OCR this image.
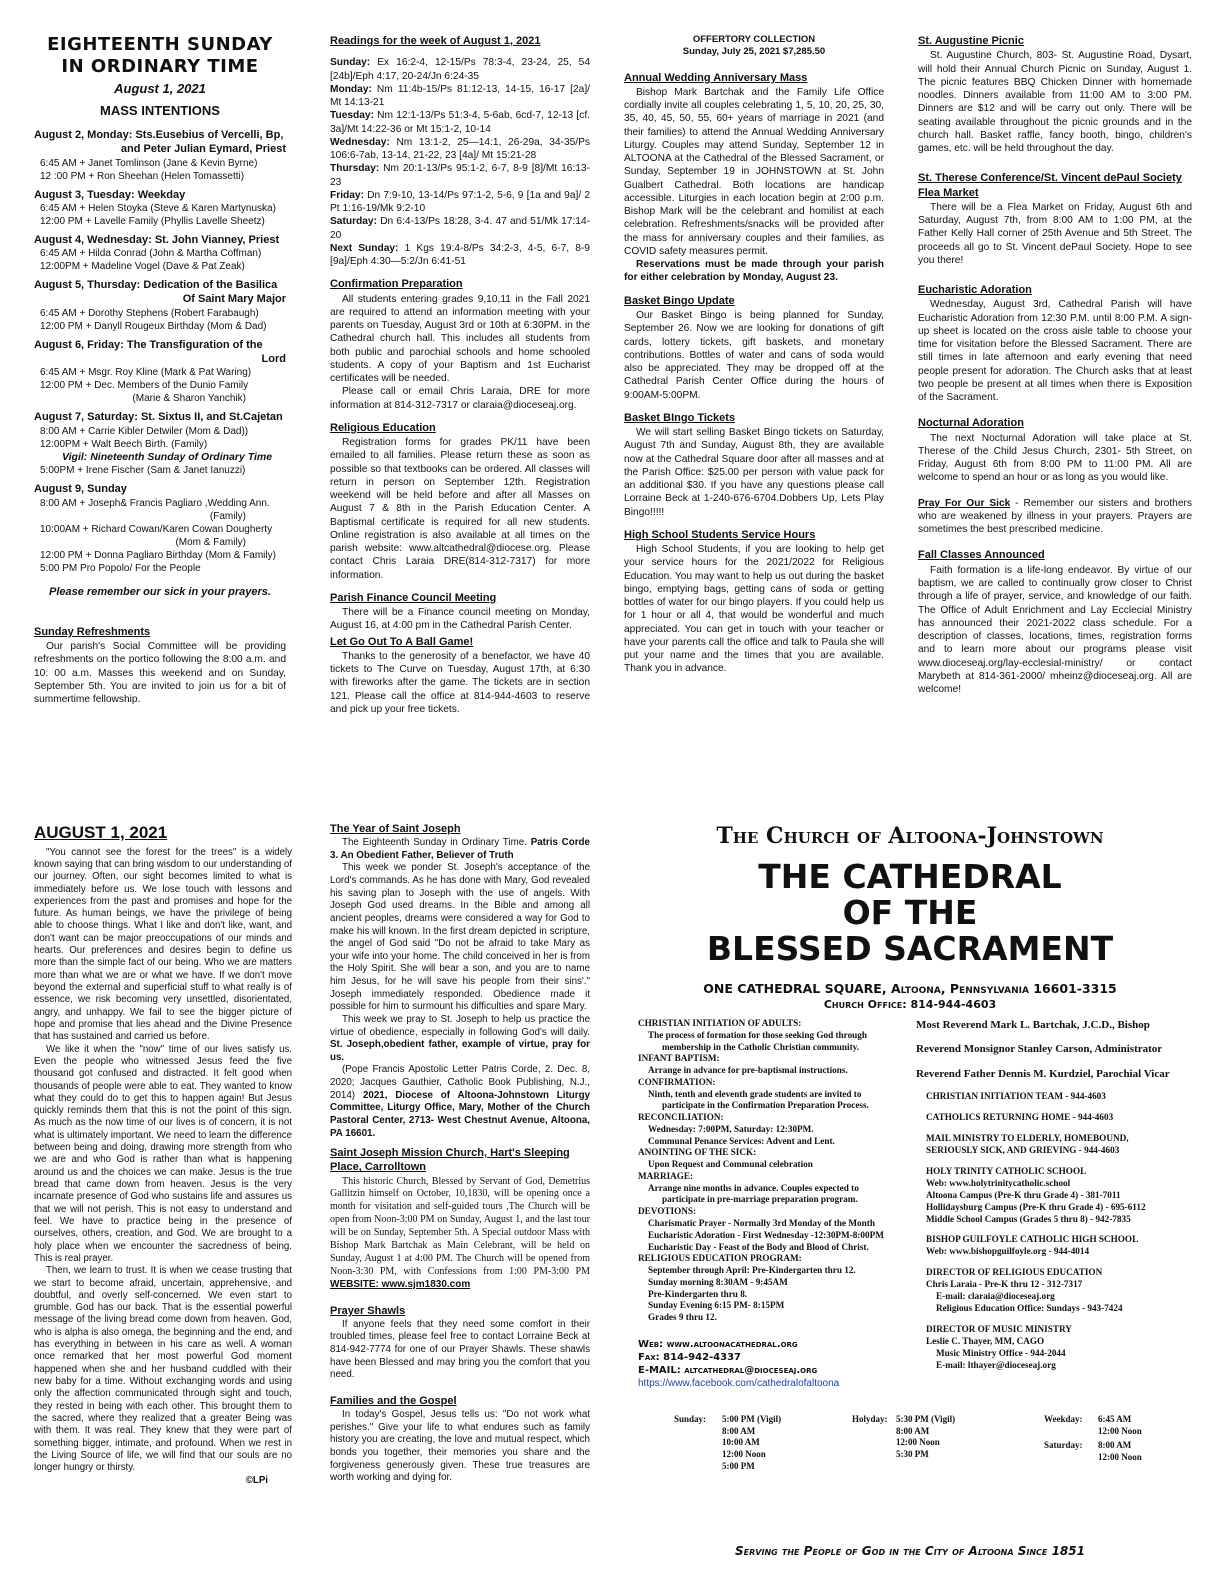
EIGHTEENTH SUNDAY
IN ORDINARY TIME
August 1, 2021
MASS INTENTIONS
August 2, Monday: Sts.Eusebius of Vercelli, Bp,
and Peter Julian Eymard, Priest
6:45 AM + Janet Tomlinson (Jane & Kevin Byrne)
12 :00 PM + Ron Sheehan (Helen Tomassetti)
August 3, Tuesday: Weekday
6:45 AM + Helen Stoyka (Steve & Karen Martynuska)
12:00 PM + Lavelle Family (Phyllis Lavelle Sheetz)
August 4, Wednesday: St. John Vianney, Priest
6:45 AM + Hilda Conrad (John & Martha Coffman)
12:00PM + Madeline Vogel (Dave & Pat Zeak)
August 5, Thursday: Dedication of the Basilica
Of Saint Mary Major
6:45 AM + Dorothy Stephens (Robert Farabaugh)
12:00 PM + Danyll Rougeux Birthday (Mom & Dad)
August 6, Friday: The Transfiguration of the
Lord
6:45 AM + Msgr. Roy Kline (Mark & Pat Waring)
12:00 PM + Dec. Members of the Dunio Family
(Marie & Sharon Yanchik)
August 7, Saturday: St. Sixtus II, and St.Cajetan
8:00 AM + Carrie Kibler Detwiler (Mom & Dad))
12:00PM + Walt Beech Birth. (Family)
Vigil: Nineteenth Sunday of Ordinary Time
5:00PM + Irene Fischer (Sam & Janet Ianuzzi)
August 9, Sunday
8:00 AM + Joseph& Francis Pagliaro ,Wedding Ann.
(Family)
10:00AM + Richard Cowan/Karen Cowan Dougherty
(Mom & Family)
12:00 PM + Donna Pagliaro Birthday (Mom & Family)
5:00 PM Pro Popolo/ For the People
Please remember our sick in your prayers.
Sunday Refreshments

Our parish's Social Committee will be providing refreshments on the portico following the 8:00 a.m. and 10: 00 a.m. Masses this weekend and on Sunday, September 5th. You are invited to join us for a bit of summertime fellowship.

Readings for the week of August 1, 2021

Sunday: Ex 16:2-4, 12-15/Ps 78:3-4, 23-24, 25, 54 [24b]/Eph 4:17, 20-24/Jn 6:24-35

Monday: Nm 11:4b-15/Ps 81:12-13, 14-15, 16-17 [2a]/ Mt 14:13-21

Tuesday: Nm 12:1-13/Ps 51:3-4, 5-6ab, 6cd-7, 12-13 [cf. 3a]/Mt 14:22-36 or Mt 15:1-2, 10-14

Wednesday: Nm 13:1-2, 25—14:1, 26-29a, 34-35/Ps 106:6-7ab, 13-14, 21-22, 23 [4a]/ Mt 15:21-28

Thursday: Nm 20:1-13/Ps 95:1-2, 6-7, 8-9 [8]/Mt 16:13-23

Friday: Dn 7:9-10, 13-14/Ps 97:1-2, 5-6, 9 [1a and 9a]/ 2 Pt 1:16-19/Mk 9:2-10

Saturday: Dn 6:4-13/Ps 18:28, 3-4. 47 and 51/Mk 17:14-20

Next Sunday: 1 Kgs 19:4-8/Ps 34:2-3, 4-5, 6-7, 8-9 [9a]/Eph 4:30—5:2/Jn 6:41-51

Confirmation Preparation

All students entering grades 9,10,11 in the Fall 2021 are required to attend an information meeting with your parents on Tuesday, August 3rd or 10th at 6:30PM. in the Cathedral church hall. This includes all students from both public and parochial schools and home schooled students. A copy of your Baptism and 1st Eucharist certificates will be needed.

Please call or email Chris Laraia, DRE for more information at 814-312-7317 or claraia@dioceseaj.org.

Religious Education

Registration forms for grades PK/11 have been emailed to all families. Please return these as soon as possible so that textbooks can be ordered. All classes will return in person on September 12th. Registration weekend will be held before and after all Masses on August 7 & 8th in the Parish Education Center. A Baptismal certificate is required for all new students. Online registration is also available at all times on the parish website: www.altcathedral@diocese.org. Please contact Chris Laraia DRE(814-312-7317) for more information.

Parish Finance Council Meeting

There will be a Finance council meeting on Monday, August 16, at 4:00 pm in the Cathedral Parish Center.

Let Go Out To A Ball Game!

Thanks to the generosity of a benefactor, we have 40 tickets to The Curve on Tuesday, August 17th, at 6:30 with fireworks after the game. The tickets are in section 121. Please call the office at 814-944-4603 to reserve and pick up your free tickets.

OFFERTORY COLLECTION
Sunday, July 25, 2021 $7,285.50
Annual Wedding Anniversary Mass

Bishop Mark Bartchak and the Family Life Office cordially invite all couples celebrating 1, 5, 10, 20, 25, 30, 35, 40, 45, 50, 55, 60+ years of marriage in 2021 (and their families) to attend the Annual Wedding Anniversary Liturgy. Couples may attend Sunday, September 12 in ALTOONA at the Cathedral of the Blessed Sacrament, or Sunday, September 19 in JOHNSTOWN at St. John Gualbert Cathedral. Both locations are handicap accessible. Liturgies in each location begin at 2:00 p.m. Bishop Mark will be the celebrant and homilist at each celebration. Refreshments/snacks will be provided after the mass for anniversary couples and their families, as COVID safety measures permit.

Reservations must be made through your parish for either celebration by Monday, August 23.

Basket Bingo Update

Our Basket Bingo is being planned for Sunday, September 26. Now we are looking for donations of gift cards, lottery tickets, gift baskets, and monetary contributions. Bottles of water and cans of soda would also be appreciated. They may be dropped off at the Cathedral Parish Center Office during the hours of 9:00AM-5:00PM.

Basket BIngo Tickets

We will start selling Basket Bingo tickets on Saturday, August 7th and Sunday, August 8th, they are available now at the Cathedral Square door after all masses and at the Parish Office: $25.00 per person with value pack for an additional $30. If you have any questions please call Lorraine Beck at 1-240-676-6704.Dobbers Up, Lets Play Bingo!!!!!

High School Students Service Hours

High School Students, if you are looking to help get your service hours for the 2021/2022 for Religious Education. You may want to help us out during the basket bingo, emptying bags, getting cans of soda or getting bottles of water for our bingo players. If you could help us for 1 hour or all 4, that would be wonderful and much appreciated. You can get in touch with your teacher or have your parents call the office and talk to Paula she will put your name and the times that you are available. Thank you in advance.

St. Augustine Picnic

St. Augustine Church, 803- St. Augustine Road, Dysart, will hold their Annual Church Picnic on Sunday, August 1. The picnic features BBQ Chicken Dinner with homemade noodles. Dinners available from 11:00 AM to 3:00 PM. Dinners are $12 and will be carry out only. There will be seating available throughout the picnic grounds and in the church hall. Basket raffle, fancy booth, bingo, children's games, etc. will be held throughout the day.

St. Therese Conference/St. Vincent dePaul Society Flea Market

There will be a Flea Market on Friday, August 6th and Saturday, August 7th, from 8:00 AM to 1:00 PM, at the Father Kelly Hall corner of 25th Avenue and 5th Street. The proceeds all go to St. Vincent dePaul Society. Hope to see you there!

Eucharistic Adoration

Wednesday, August 3rd, Cathedral Parish will have Eucharistic Adoration from 12:30 P.M. until 8:00 P.M. A sign-up sheet is located on the cross aisle table to choose your time for visitation before the Blessed Sacrament. There are still times in late afternoon and early evening that need people present for adoration. The Church asks that at least two people be present at all times when there is Exposition of the Sacrament.

Nocturnal Adoration

The next Nocturnal Adoration will take place at St. Therese of the Child Jesus Church, 2301- 5th Street, on Friday, August 6th from 8:00 PM to 11:00 PM. All are welcome to spend an hour or as long as you would like.

Pray For Our Sick - Remember our sisters and brothers who are weakened by illness in your prayers. Prayers are sometimes the best prescribed medicine.

Fall Classes Announced

Faith formation is a life-long endeavor. By virtue of our baptism, we are called to continually grow closer to Christ through a life of prayer, service, and knowledge of our faith. The Office of Adult Enrichment and Lay Ecclecial Ministry has announced their 2021-2022 class schedule. For a description of classes, locations, times, registration forms and to learn more about our programs please visit www.dioceseaj.org/lay-ecclesial-ministry/ or contact Marybeth at 814-361-2000/ mheinz@dioceseaj.org. All are welcome!

AUGUST 1, 2021

"You cannot see the forest for the trees" is a widely known saying that can bring wisdom to our understanding of our journey. Often, our sight becomes limited to what is immediately before us. We lose touch with lessons and experiences from the past and promises and hope for the future. As human beings, we have the privilege of being able to choose things. What I like and don't like, want, and don't want can be major preoccupations of our minds and hearts. Our preferences and desires begin to define us more than the simple fact of our being. Who we are matters more than what we are or what we have. If we don't move beyond the external and superficial stuff to what really is of essence, we risk becoming very unsettled, disorientated, angry, and unhappy. We fail to see the bigger picture of hope and promise that lies ahead and the Divine Presence that has sustained and carried us before.

We like it when the "now" time of our lives satisfy us. Even the people who witnessed Jesus feed the five thousand got confused and distracted. It felt good when thousands of people were able to eat. They wanted to know what they could do to get this to happen again! But Jesus quickly reminds them that this is not the point of this sign. As much as the now time of our lives is of concern, it is not what is ultimately important. We need to learn the difference between being and doing, drawing more strength from who we are and who God is rather than what is happening around us and the choices we can make. Jesus is the true bread that came down from heaven. Jesus is the very incarnate presence of God who sustains life and assures us that we will not perish. This is not easy to understand and feel. We have to practice being in the presence of ourselves, others, creation, and God. We are brought to a holy place when we encounter the sacredness of being. This is real prayer.

Then, we learn to trust. It is when we cease trusting that we start to become afraid, uncertain, apprehensive, and doubtful, and overly self-concerned. We even start to grumble. God has our back. That is the essential powerful message of the living bread come down from heaven. God, who is alpha is also omega, the beginning and the end, and has everything in between in his care as well. A woman once remarked that her most powerful God moment happened when she and her husband cuddled with their new baby for a time. Without exchanging words and using only the affection communicated through sight and touch, they rested in being with each other. This brought them to the sacred, where they realized that a greater Being was with them. It was real. They knew that they were part of something bigger, intimate, and profound. When we rest in the Living Source of life, we will find that our souls are no longer hungry or thirsty.

©LPi
The Year of Saint Joseph

The Eighteenth Sunday in Ordinary Time. Patris Corde 3. An Obedient Father, Believer of Truth

This week we ponder St. Joseph's acceptance of the Lord's commands. As he has done with Mary, God revealed his saving plan to Joseph with the use of angels. With Joseph God used dreams. In the Bible and among all ancient peoples, dreams were considered a way for God to make his will known. In the first dream depicted in scripture, the angel of God said "Do not be afraid to take Mary as your wife into your home. The child conceived in her is from the Holy Spirit. She will bear a son, and you are to name him Jesus, for he will save his people from their sins'." Joseph immediately responded. Obedience made it possible for him to surmount his difficulties and spare Mary.

This week we pray to St. Joseph to help us practice the virtue of obedience, especially in following God's will daily. St. Joseph,obedient father, example of virtue, pray for us.

(Pope Francis Apostolic Letter Patris Corde, 2. Dec. 8, 2020; Jacques Gauthier, Catholic Book Publishing, N.J., 2014) 2021, Diocese of Altoona-Johnstown Liturgy Committee, Liturgy Office, Mary, Mother of the Church Pastoral Center, 2713- West Chestnut Avenue, Altoona, PA 16601.

Saint Joseph Mission Church, Hart's Sleeping Place, Carrolltown

This historic Church, Blessed by Servant of God, Demetrius Gallitzin himself on October, 10,1830, will be opening once a month for visitation and self-guided tours ,The Church will be open from Noon-3:00 PM on Sunday, August 1, and the last tour will be on Sunday, September 5th. A Special outdoor Mass with Bishop Mark Bartchak as Main Celebrant, will be held on Sunday, August 1 at 4:00 PM. The Church will be opened from Noon-3:30 PM, with Confessions from 1:00 PM-3:00 PM WEBSITE: www.sjm1830.com

Prayer Shawls

If anyone feels that they need some comfort in their troubled times, please feel free to contact Lorraine Beck at 814-942-7774 for one of our Prayer Shawls. These shawls have been Blessed and may bring you the comfort that you need.

Families and the Gospel

In today's Gospel, Jesus tells us: "Do not work what perishes." Give your life to what endures such as family history you are creating, the love and mutual respect, which bonds you together, their memories you share and the forgiveness generously given. These true treasures are worth working and dying for.

The Church of Altoona-Johnstown
THE CATHEDRAL
OF THE
BLESSED SACRAMENT
ONE CATHEDRAL SQUARE, Altoona, Pennsylvania 16601-3315
Church Office: 814-944-4603
CHRISTIAN INITIATION OF ADULTS:
The process of formation for those seeking God through
membership in the Catholic Christian community.
INFANT BAPTISM:
Arrange in advance for pre-baptismal instructions.
CONFIRMATION:
Ninth, tenth and eleventh grade students are invited to
participate in the Confirmation Preparation Process.
RECONCILIATION:
Wednesday: 7:00PM, Saturday: 12:30PM.
Communal Penance Services: Advent and Lent.
ANOINTING OF THE SICK:
Upon Request and Communal celebration
MARRIAGE:
Arrange nine months in advance. Couples expected to
participate in pre-marriage preparation program.
DEVOTIONS:
Charismatic Prayer - Normally 3rd Monday of the Month
Eucharistic Adoration - First Wednesday -12:30PM-8:00PM
Eucharistic Day - Feast of the Body and Blood of Christ.
RELIGIOUS EDUCATION PROGRAM:
September through April: Pre-Kindergarten thru 12.
Sunday morning 8:30AM - 9:45AM
Pre-Kindergarten thru 8.
Sunday Evening 6:15 PM- 8:15PM
Grades 9 thru 12.
Web: www.altoonacathedral.org
Fax: 814-942-4337
E-MAIL: altcathedral@dioceseaj.org
https://www.facebook.com/cathedralofaltoona
Most Reverend Mark L. Bartchak, J.C.D., Bishop
Reverend Monsignor Stanley Carson, Administrator
Reverend Father Dennis M. Kurdziel, Parochial Vicar
CHRISTIAN INITIATION TEAM - 944-4603
CATHOLICS RETURNING HOME - 944-4603
MAIL MINISTRY TO ELDERLY, HOMEBOUND,
SERIOUSLY SICK, AND GRIEVING - 944-4603
HOLY TRINITY CATHOLIC SCHOOL
Web: www.holytrinitycatholic.school
Altoona Campus (Pre-K thru Grade 4) - 381-7011
Hollidaysburg Campus (Pre-K thru Grade 4) - 695-6112
Middle School Campus (Grades 5 thru 8) - 942-7835
BISHOP GUILFOYLE CATHOLIC HIGH SCHOOL
Web: www.bishopguilfoyle.org - 944-4014
DIRECTOR OF RELIGIOUS EDUCATION
Chris Laraia - Pre-K thru 12 - 312-7317
E-mail: claraia@dioceseaj.org
Religious Education Office: Sundays - 943-7424
DIRECTOR OF MUSIC MINISTRY
Leslie C. Thayer, MM, CAGO
Music Ministry Office - 944-2044
E-mail: lthayer@dioceseaj.org
Sunday: 5:00 PM (Vigil)
8:00 AM
10:00 AM
12:00 Noon
5:00 PM
Holyday: 5:30 PM (Vigil)
8:00 AM
12:00 Noon
5:30 PM
Weekday: 6:45 AM
12:00 Noon
Saturday: 8:00 AM
12:00 Noon
Serving the People of God in the City of Altoona Since 1851
